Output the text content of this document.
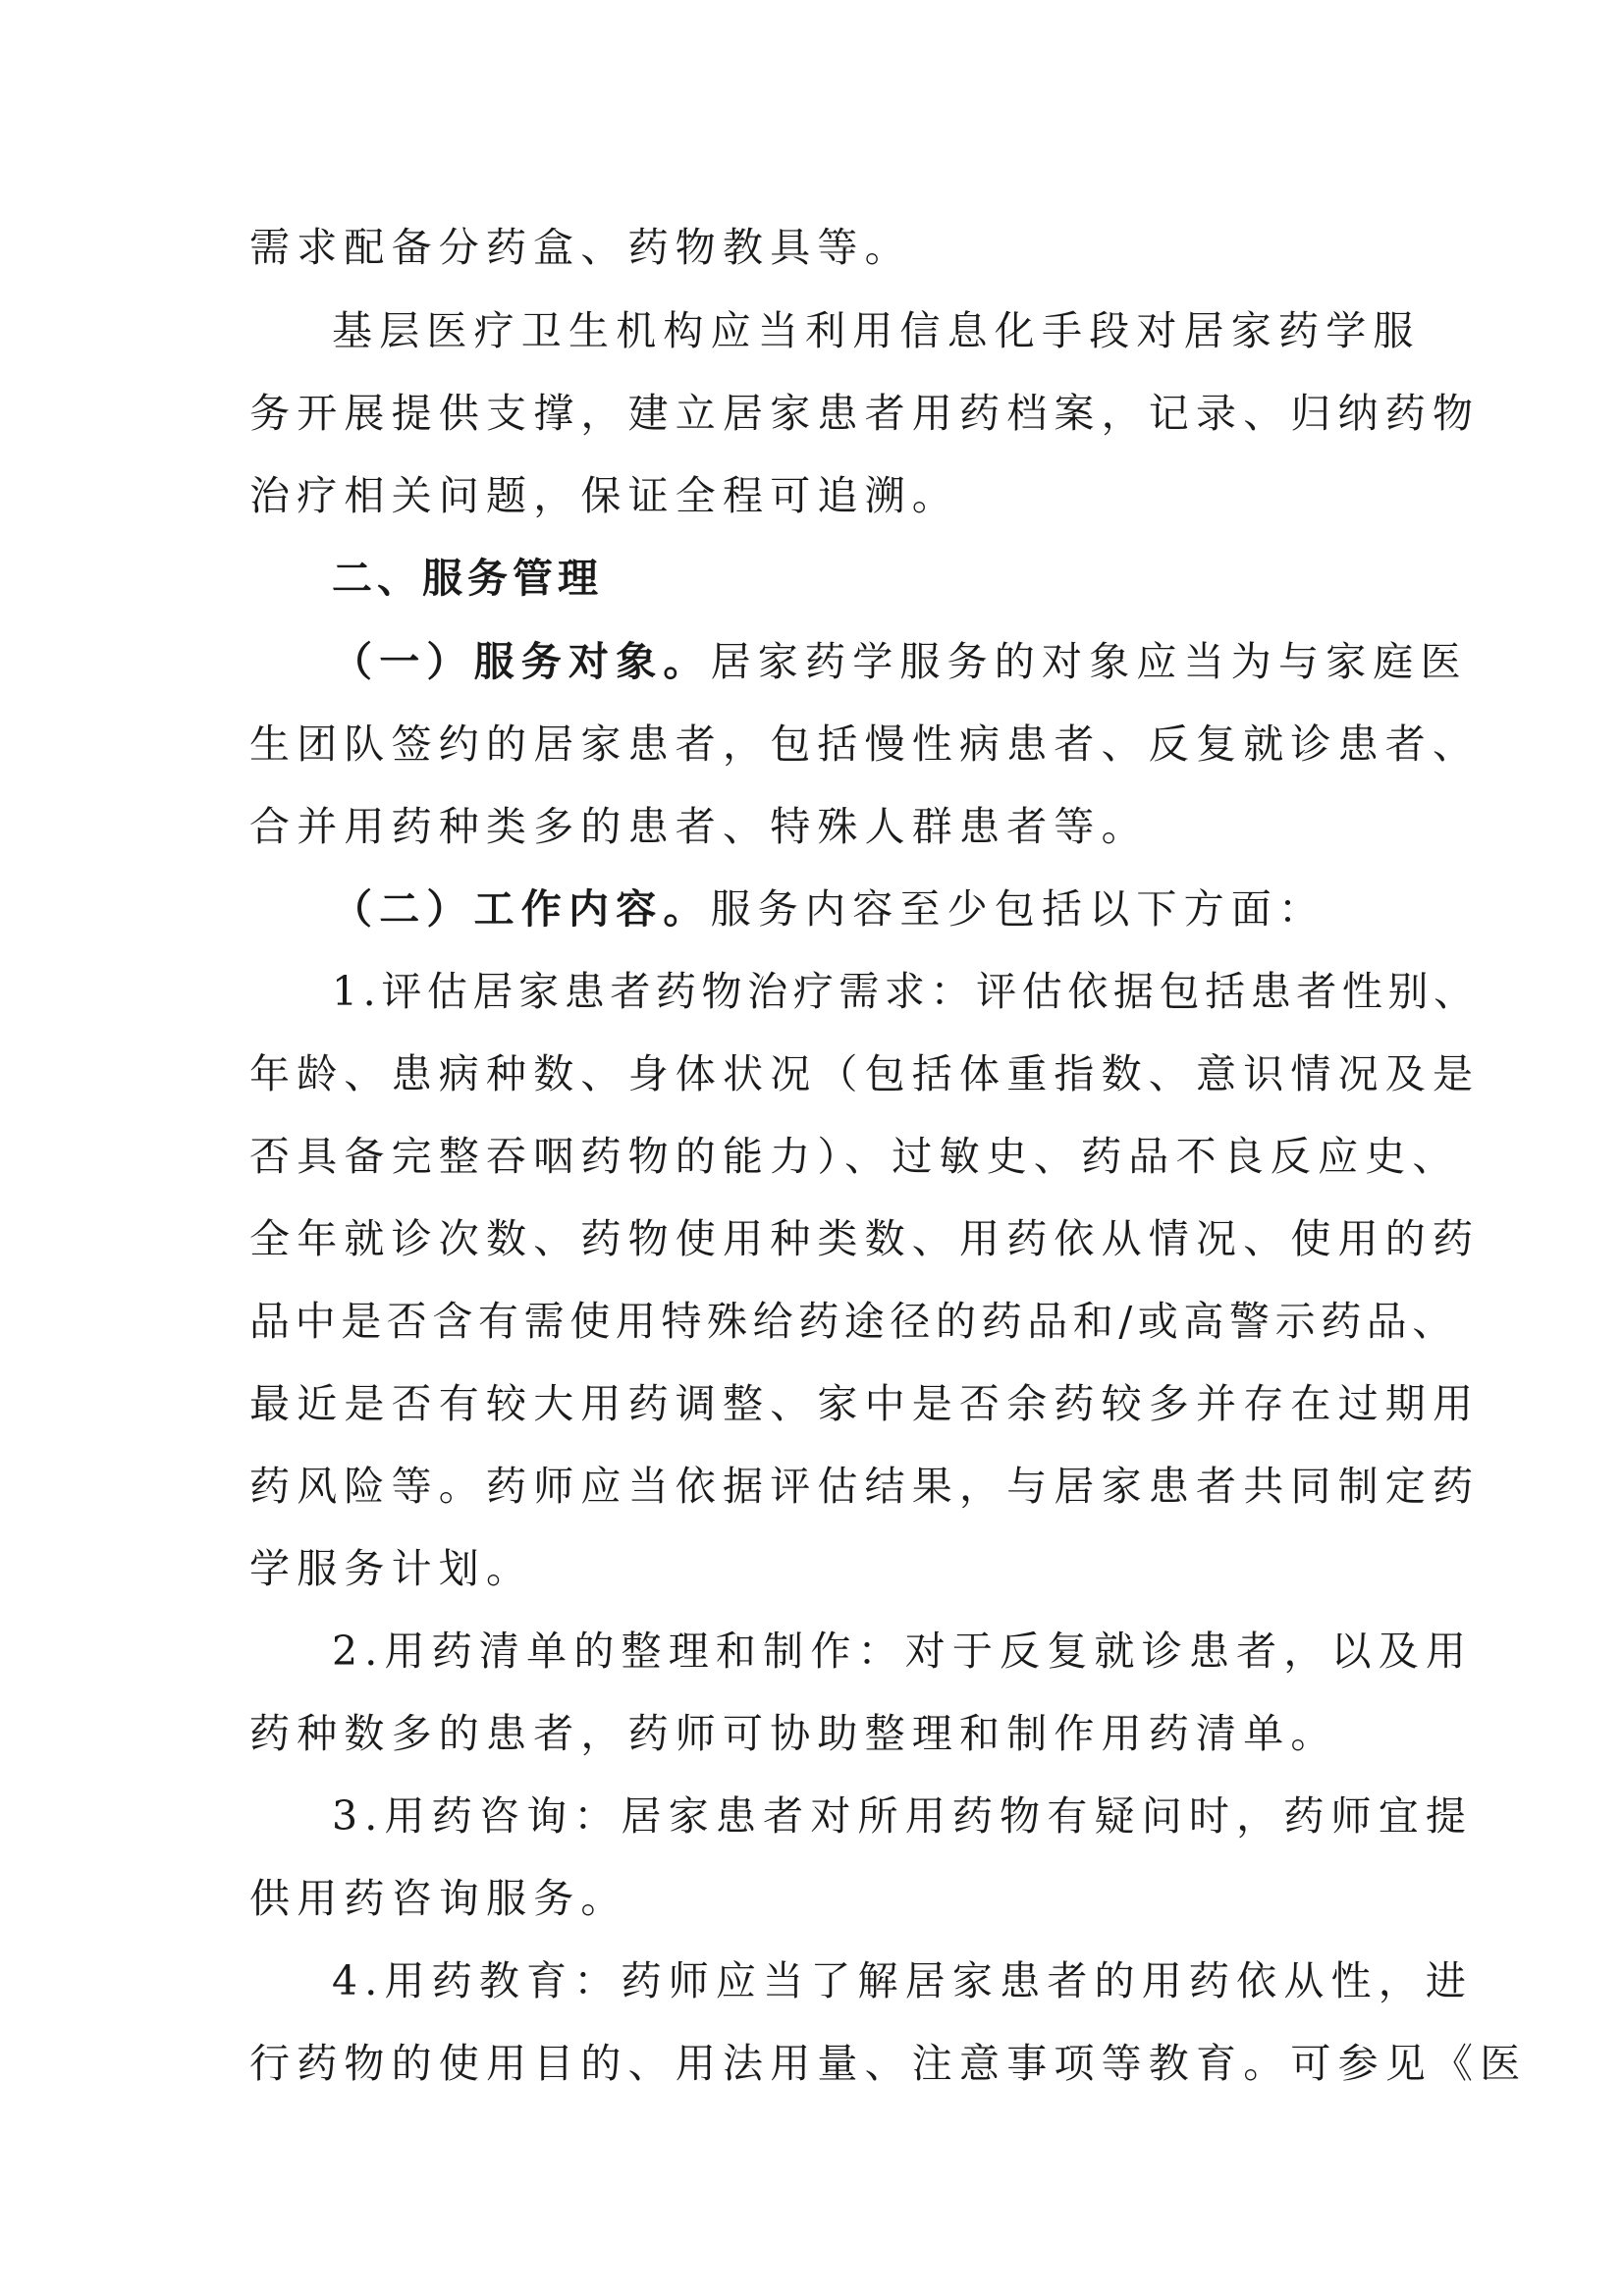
需求配备分药盒、药物教具等。

基层医疗卫生机构应当利用信息化手段对居家药学服

务开展提供支撑，建立居家患者用药档案，记录、归纳药物

治疗相关问题，保证全程可追溯。

二、服务管理

（一）服务对象。居家药学服务的对象应当为与家庭医

生团队签约的居家患者，包括慢性病患者、反复就诊患者、

合并用药种类多的患者、特殊人群患者等。

（二）工作内容。服务内容至少包括以下方面：

1.评估居家患者药物治疗需求：评估依据包括患者性别、

年龄、患病种数、身体状况（包括体重指数、意识情况及是

否具备完整吞咽药物的能力）、过敏史、药品不良反应史、

全年就诊次数、药物使用种类数、用药依从情况、使用的药

品中是否含有需使用特殊给药途径的药品和/或高警示药品、

最近是否有较大用药调整、家中是否余药较多并存在过期用

药风险等。药师应当依据评估结果，与居家患者共同制定药

学服务计划。

2.用药清单的整理和制作：对于反复就诊患者，以及用

药种数多的患者，药师可协助整理和制作用药清单。

3.用药咨询：居家患者对所用药物有疑问时，药师宜提

供用药咨询服务。

4.用药教育：药师应当了解居家患者的用药依从性，进

行药物的使用目的、用法用量、注意事项等教育。可参见《医
